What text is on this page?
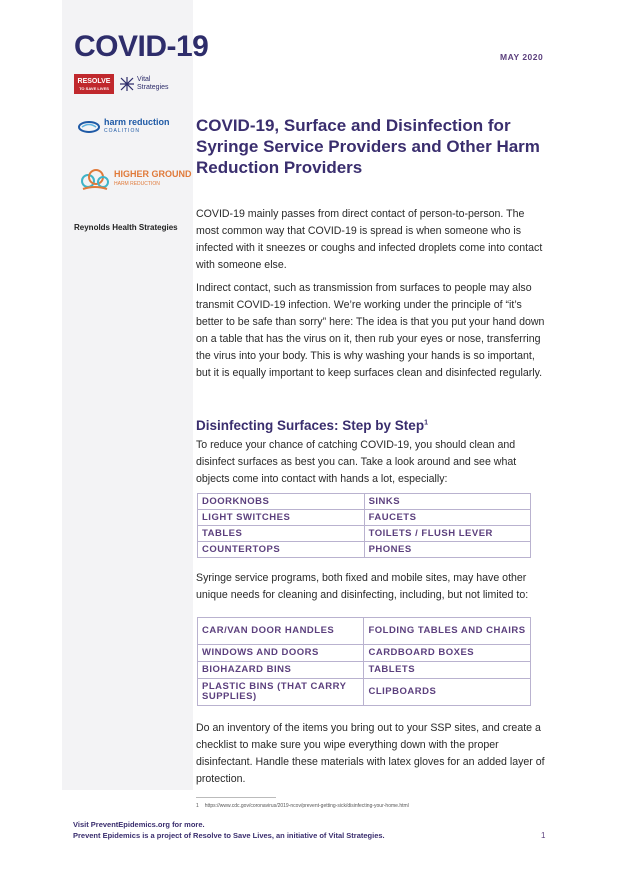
COVID-19
RESOLVE
TO SAVE LIVES
Vital
Strategies
harm reduction
COALITION
HIGHER GROUND
HARM REDUCTION
Reynolds Health Strategies
MAY 2020
COVID-19, Surface and Disinfection for Syringe Service Providers and Other Harm Reduction Providers

COVID-19 mainly passes from direct contact of person-to-person. The most common way that COVID-19 is spread is when someone who is infected with it sneezes or coughs and infected droplets come into contact with someone else.

Indirect contact, such as transmission from surfaces to people may also transmit COVID-19 infection. We’re working under the principle of “it’s better to be safe than sorry” here: The idea is that you put your hand down on a table that has the virus on it, then rub your eyes or nose, transferring the virus into your body. This is why washing your hands is so important, but it is equally important to keep surfaces clean and disinfected regularly.

Disinfecting Surfaces: Step by Step$^1$

To reduce your chance of catching COVID-19, you should clean and disinfect surfaces as best you can. Take a look around and see what objects come into contact with hands a lot, especially:

DOORKNOBS	SINKS
LIGHT SWITCHES	FAUCETS
TABLES	TOILETS / FLUSH LEVER
COUNTERTOPS	PHONES

Syringe service programs, both fixed and mobile sites, may have other unique needs for cleaning and disinfecting, including, but not limited to:

CAR/VAN DOOR HANDLES	FOLDING TABLES AND CHAIRS
WINDOWS AND DOORS	CARDBOARD BOXES
BIOHAZARD BINS	TABLETS
PLASTIC BINS (THAT CARRY SUPPLIES)	CLIPBOARDS

Do an inventory of the items you bring out to your SSP sites, and create a checklist to make sure you wipe everything down with the proper disinfectant. Handle these materials with latex gloves for an added layer of protection.

1 https://www.cdc.gov/coronavirus/2019-ncov/prevent-getting-sick/disinfecting-your-home.html
Visit PreventEpidemics.org for more.
Prevent Epidemics is a project of Resolve to Save Lives, an initiative of Vital Strategies.	1
